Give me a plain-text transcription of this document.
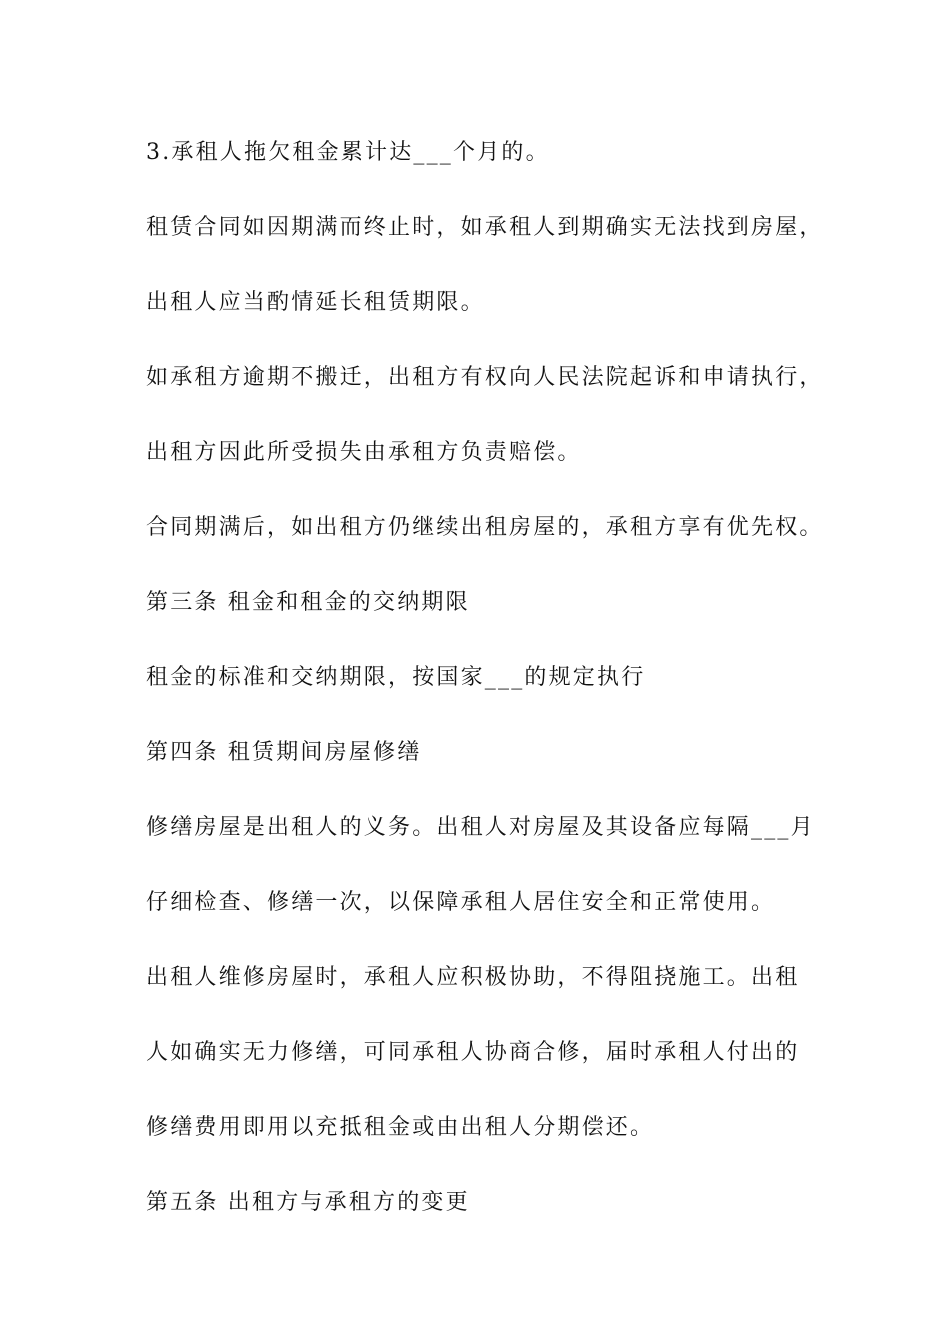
3.承租人拖欠租金累计达___个月的。
租赁合同如因期满而终止时，如承租人到期确实无法找到房屋，
出租人应当酌情延长租赁期限。
如承租方逾期不搬迁，出租方有权向人民法院起诉和申请执行，
出租方因此所受损失由承租方负责赔偿。
合同期满后，如出租方仍继续出租房屋的，承租方享有优先权。
第三条 租金和租金的交纳期限
租金的标准和交纳期限，按国家___的规定执行
第四条 租赁期间房屋修缮
修缮房屋是出租人的义务。出租人对房屋及其设备应每隔___月
仔细检查、修缮一次，以保障承租人居住安全和正常使用。
出租人维修房屋时，承租人应积极协助，不得阻挠施工。出租
人如确实无力修缮，可同承租人协商合修，届时承租人付出的
修缮费用即用以充抵租金或由出租人分期偿还。
第五条 出租方与承租方的变更
